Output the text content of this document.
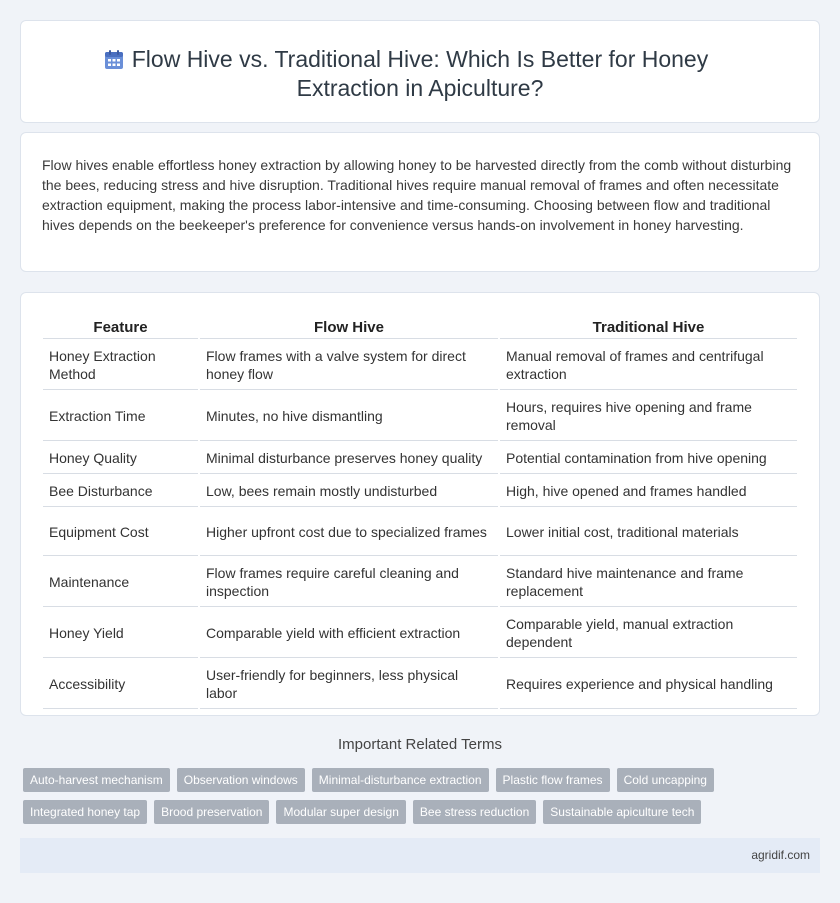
Flow Hive vs. Traditional Hive: Which Is Better for Honey Extraction in Apiculture?

Flow hives enable effortless honey extraction by allowing honey to be harvested directly from the comb without disturbing the bees, reducing stress and hive disruption. Traditional hives require manual removal of frames and often necessitate extraction equipment, making the process labor-intensive and time-consuming. Choosing between flow and traditional hives depends on the beekeeper's preference for convenience versus hands-on involvement in honey harvesting.

Feature	Flow Hive	Traditional Hive
Honey Extraction Method	Flow frames with a valve system for direct honey flow	Manual removal of frames and centrifugal extraction
Extraction Time	Minutes, no hive dismantling	Hours, requires hive opening and frame removal
Honey Quality	Minimal disturbance preserves honey quality	Potential contamination from hive opening
Bee Disturbance	Low, bees remain mostly undisturbed	High, hive opened and frames handled
Equipment Cost	Higher upfront cost due to specialized frames	Lower initial cost, traditional materials
Maintenance	Flow frames require careful cleaning and inspection	Standard hive maintenance and frame replacement
Honey Yield	Comparable yield with efficient extraction	Comparable yield, manual extraction dependent
Accessibility	User-friendly for beginners, less physical labor	Requires experience and physical handling
Important Related Terms
Auto-harvest mechanism	Observation windows	Minimal-disturbance extraction	Plastic flow frames	Cold uncapping
Integrated honey tap	Brood preservation	Modular super design	Bee stress reduction	Sustainable apiculture tech
agridif.com
